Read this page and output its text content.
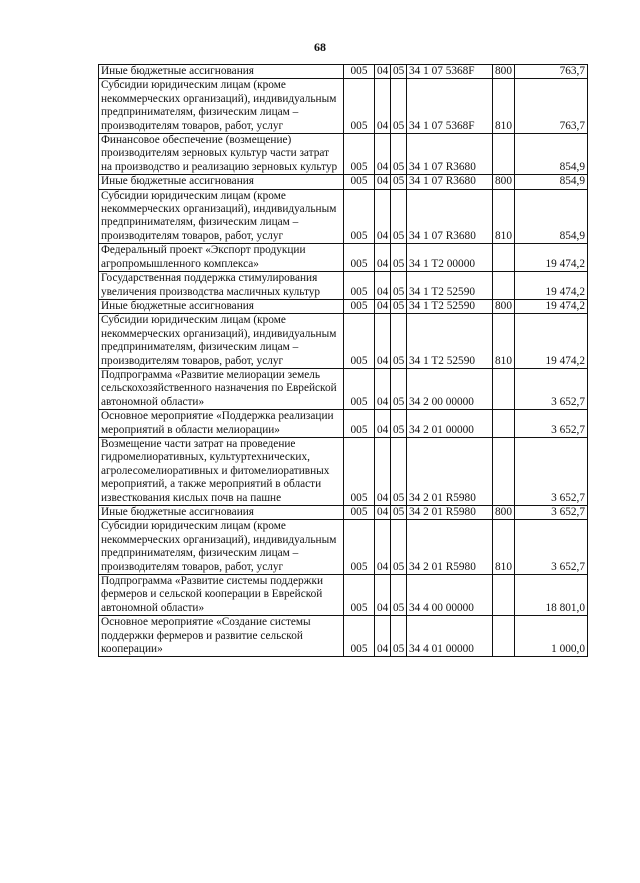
68
Иные бюджетные ассигнования	005	04	05	34 1 07 5368F	800	763,7
Субсидии юридическим лицам (кроме некоммерческих организаций), индивидуальным предпринимателям, физическим лицам – производителям товаров, работ, услуг	005	04	05	34 1 07 5368F	810	763,7
Финансовое обеспечение (возмещение) производителям зерновых культур части затрат на производство и реализацию зерновых культур	005	04	05	34 1 07 R3680		854,9
Иные бюджетные ассигнования	005	04	05	34 1 07 R3680	800	854,9
Субсидии юридическим лицам (кроме некоммерческих организаций), индивидуальным предпринимателям, физическим лицам – производителям товаров, работ, услуг	005	04	05	34 1 07 R3680	810	854,9
Федеральный проект «Экспорт продукции агропромышленного комплекса»	005	04	05	34 1 T2 00000		19 474,2
Государственная поддержка стимулирования увеличения производства масличных культур	005	04	05	34 1 T2 52590		19 474,2
Иные бюджетные ассигнования	005	04	05	34 1 T2 52590	800	19 474,2
Субсидии юридическим лицам (кроме некоммерческих организаций), индивидуальным предпринимателям, физическим лицам – производителям товаров, работ, услуг	005	04	05	34 1 T2 52590	810	19 474,2
Подпрограмма «Развитие мелиорации земель сельскохозяйственного назначения по Еврейской автономной области»	005	04	05	34 2 00 00000		3 652,7
Основное мероприятие «Поддержка реализации мероприятий в области мелиорации»	005	04	05	34 2 01 00000		3 652,7
Возмещение части затрат на проведение гидромелиоративных, культуртехнических, агролесомелиоративных и фитомелиоративных мероприятий, а также мероприятий в области известкования кислых почв на пашне	005	04	05	34 2 01 R5980		3 652,7
Иные бюджетные ассигноваиия	005	04	05	34 2 01 R5980	800	3 652,7
Субсидии юридическим лицам (кроме некоммерческих организаций), индивидуальным предпринимателям, физическим лицам – производителям товаров, работ, услуг	005	04	05	34 2 01 R5980	810	3 652,7
Подпрограмма «Развитие системы поддержки фермеров и сельской кооперации в Еврейской автономной области»	005	04	05	34 4 00 00000		18 801,0
Основное мероприятие «Создание системы поддержки фермеров и развитие сельской кооперации»	005	04	05	34 4 01 00000		1 000,0
